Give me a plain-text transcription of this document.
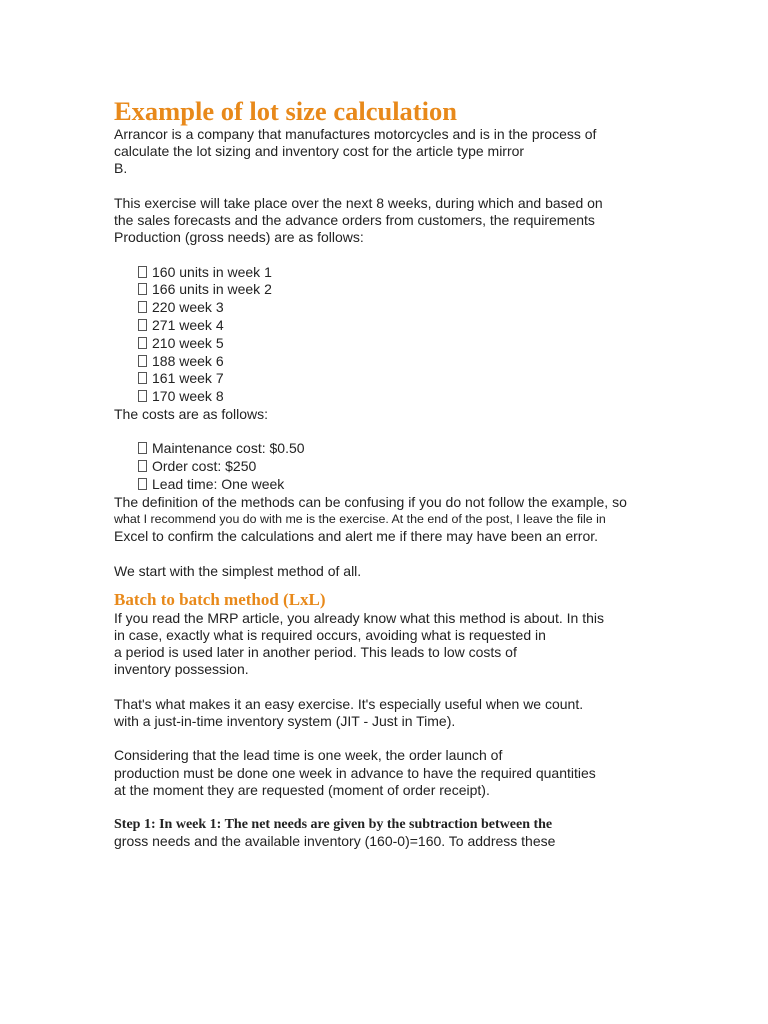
Example of lot size calculation
Arrancor is a company that manufactures motorcycles and is in the process of
calculate the lot sizing and inventory cost for the article type mirror
B.
This exercise will take place over the next 8 weeks, during which and based on
the sales forecasts and the advance orders from customers, the requirements
Production (gross needs) are as follows:
160 units in week 1
166 units in week 2
220 week 3
271 week 4
210 week 5
188 week 6
161 week 7
170 week 8
The costs are as follows:
Maintenance cost: $0.50
Order cost: $250
Lead time: One week
The definition of the methods can be confusing if you do not follow the example, so
what I recommend you do with me is the exercise. At the end of the post, I leave the file in
Excel to confirm the calculations and alert me if there may have been an error.
We start with the simplest method of all.
Batch to batch method (LxL)
If you read the MRP article, you already know what this method is about. In this
in case, exactly what is required occurs, avoiding what is requested in
a period is used later in another period. This leads to low costs of
inventory possession.
That's what makes it an easy exercise. It's especially useful when we count.
with a just-in-time inventory system (JIT - Just in Time).
Considering that the lead time is one week, the order launch of
production must be done one week in advance to have the required quantities
at the moment they are requested (moment of order receipt).
Step 1: In week 1: The net needs are given by the subtraction between the
gross needs and the available inventory (160-0)=160. To address these
